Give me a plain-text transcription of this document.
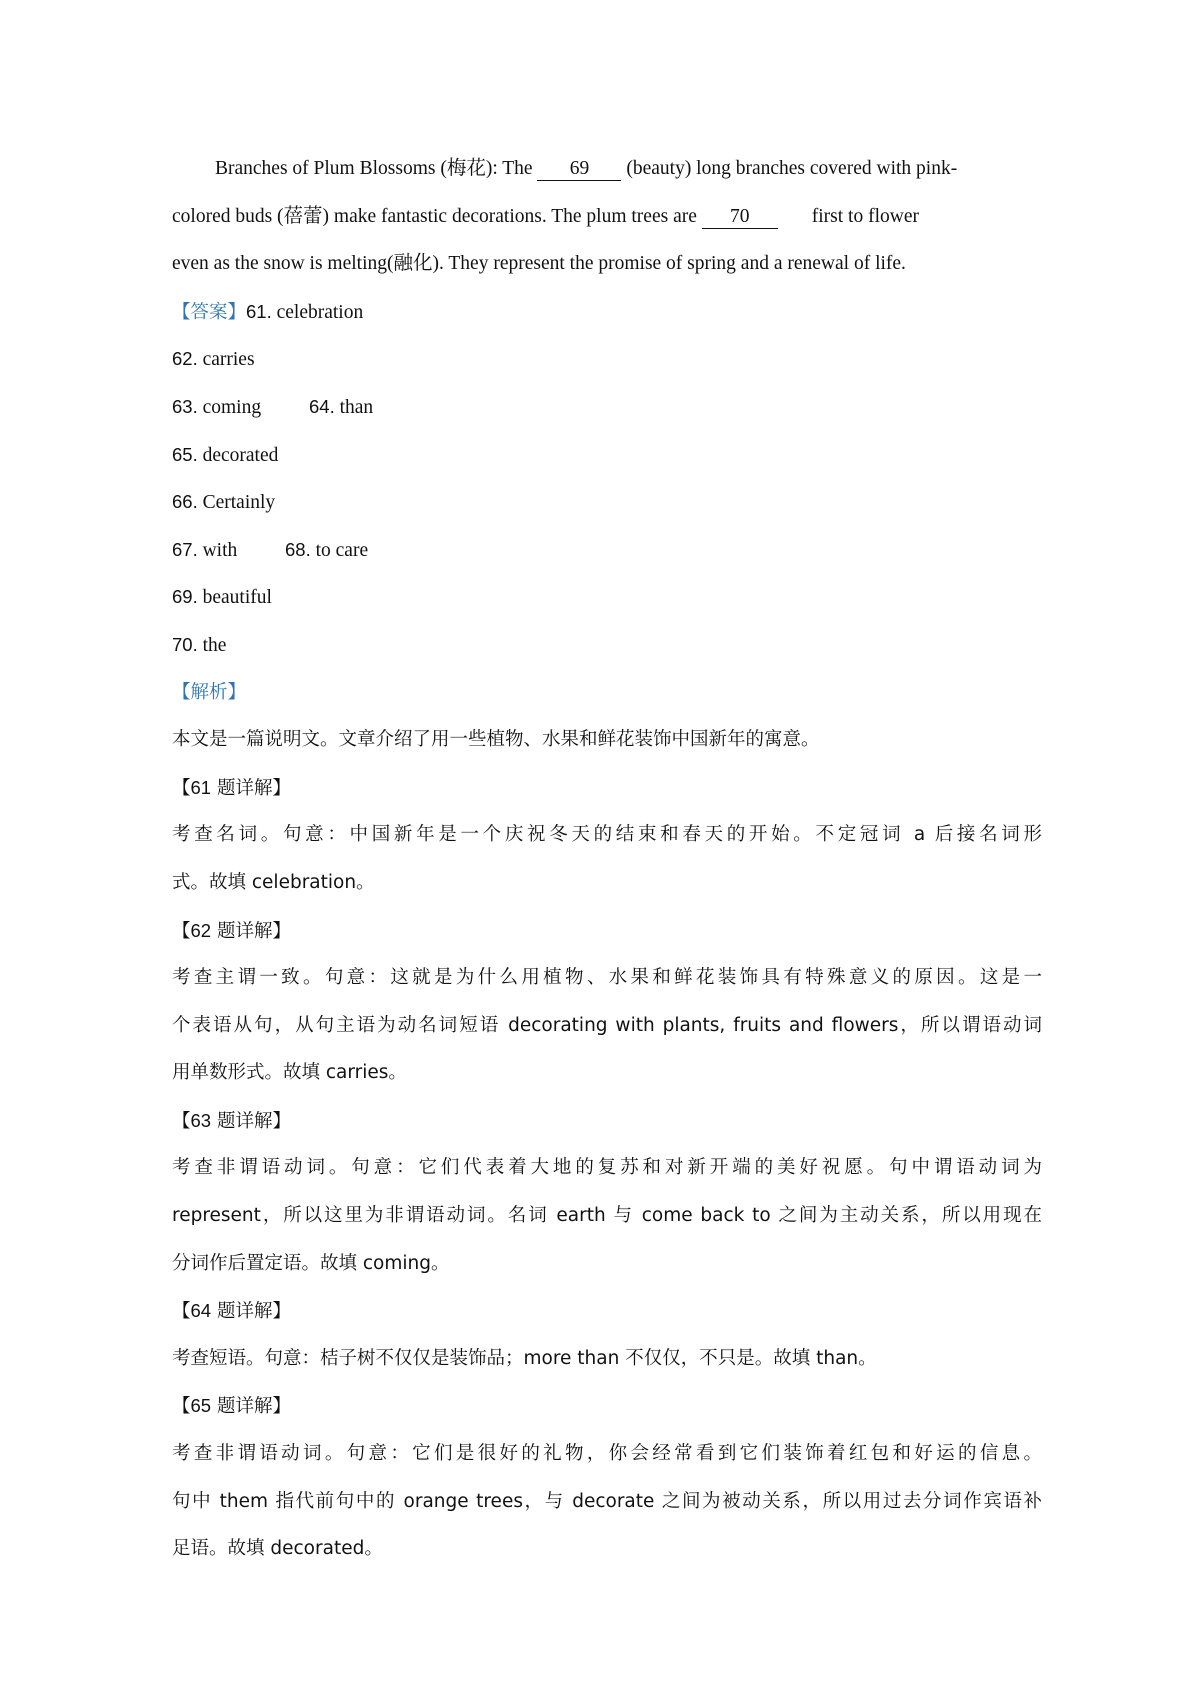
Branches of Plum Blossoms (梅花): The 69 (beauty) long branches covered with pink-
colored buds (蓓蕾) make fantastic decorations. The plum trees are 70	first to flower
even as the snow is melting(融化). They represent the promise of spring and a renewal of life.
【答案】61. celebration
62. carries
63. coming	64. than
65. decorated
66. Certainly
67. with	68. to care
69. beautiful
70. the
【解析】
本文是一篇说明文。文章介绍了用一些植物、水果和鲜花装饰中国新年的寓意。
【61 题详解】
考查名词。句意：中国新年是一个庆祝冬天的结束和春天的开始。不定冠词 a 后接名词形
式。故填 celebration。
【62 题详解】
考查主谓一致。句意：这就是为什么用植物、水果和鲜花装饰具有特殊意义的原因。这是一
个表语从句，从句主语为动名词短语 decorating with plants, fruits and flowers，所以谓语动词
用单数形式。故填 carries。
【63 题详解】
考查非谓语动词。句意：它们代表着大地的复苏和对新开端的美好祝愿。句中谓语动词为
represent，所以这里为非谓语动词。名词 earth 与 come back to 之间为主动关系，所以用现在
分词作后置定语。故填 coming。
【64 题详解】
考查短语。句意：桔子树不仅仅是装饰品；more than 不仅仅，不只是。故填 than。
【65 题详解】
考查非谓语动词。句意：它们是很好的礼物，你会经常看到它们装饰着红包和好运的信息。
句中 them 指代前句中的 orange trees，与 decorate 之间为被动关系，所以用过去分词作宾语补
足语。故填 decorated。
